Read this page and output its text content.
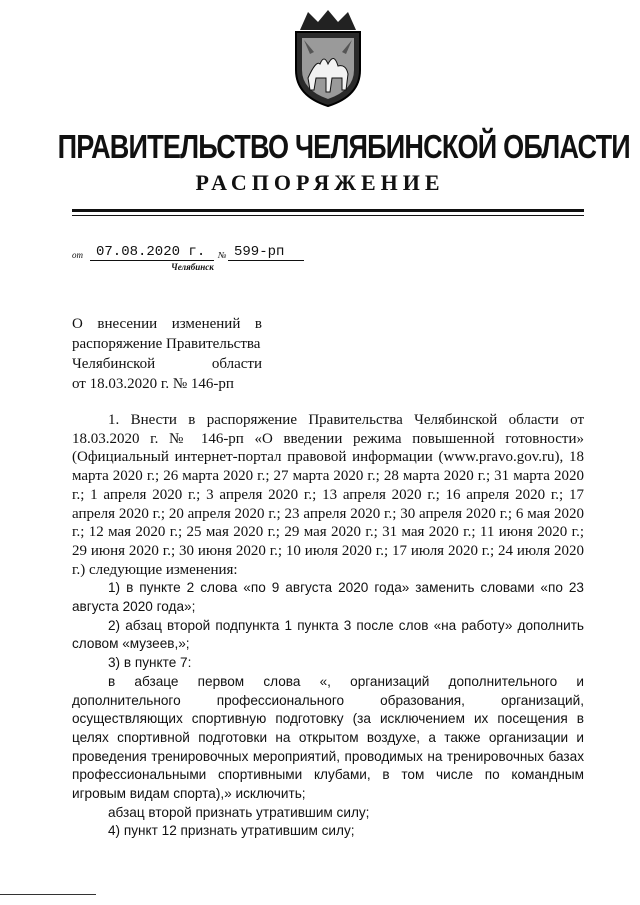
ПРАВИТЕЛЬСТВО ЧЕЛЯБИНСКОЙ ОБЛАСТИ
РАСПОРЯЖЕНИЕ
от 07.08.2020 г. № 599-рп
Челябинск
О внесении изменений в
распоряжение Правительства
Челябинской области
от 18.03.2020 г. № 146-рп

1. Внести в распоряжение Правительства Челябинской области от 18.03.2020 г. № 146-рп «О введении режима повышенной готовности» (Официальный интернет-портал правовой информации (www.pravo.gov.ru), 18 марта 2020 г.; 26 марта 2020 г.; 27 марта 2020 г.; 28 марта 2020 г.; 31 марта 2020 г.; 1 апреля 2020 г.; 3 апреля 2020 г.; 13 апреля 2020 г.; 16 апреля 2020 г.; 17 апреля 2020 г.; 20 апреля 2020 г.; 23 апреля 2020 г.; 30 апреля 2020 г.; 6 мая 2020 г.; 12 мая 2020 г.; 25 мая 2020 г.; 29 мая 2020 г.; 31 мая 2020 г.; 11 июня 2020 г.; 29 июня 2020 г.; 30 июня 2020 г.; 10 июля 2020 г.; 17 июля 2020 г.; 24 июля 2020 г.) следующие изменения:

1) в пункте 2 слова «по 9 августа 2020 года» заменить словами «по 23 августа 2020 года»;

2) абзац второй подпункта 1 пункта 3 после слов «на работу» дополнить словом «музеев,»;

3) в пункте 7:

в абзаце первом слова «, организаций дополнительного и дополнительного профессионального образования, организаций,

осуществляющих спортивную подготовку (за исключением их посещения в целях спортивной подготовки на открытом воздухе, а также организации и проведения тренировочных мероприятий, проводимых на тренировочных базах профессиональными спортивными клубами, в том числе по командным игровым видам спорта),» исключить;

абзац второй признать утратившим силу;

4) пункт 12 признать утратившим силу;
